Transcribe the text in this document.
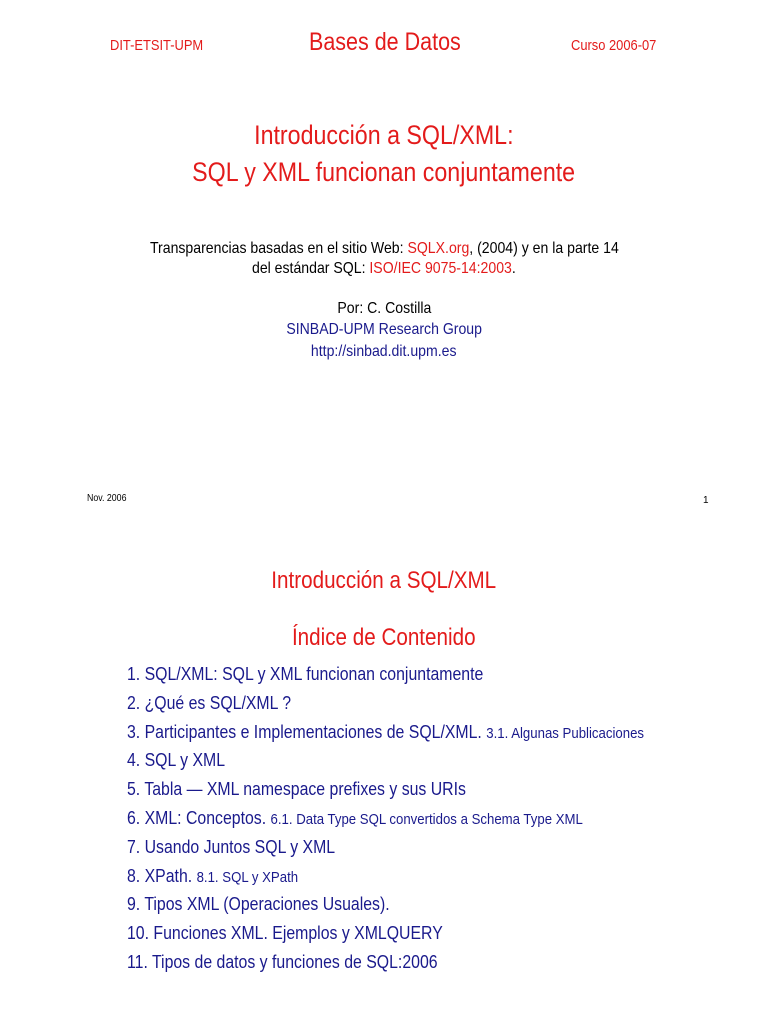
DIT-ETSIT-UPM	Bases de Datos	Curso 2006-07
Introducción a SQL/XML:
SQL y XML funcionan conjuntamente
Transparencias basadas en el sitio Web: SQLX.org, (2004) y en la parte 14
del estándar SQL: ISO/IEC 9075-14:2003.
Por: C. Costilla
SINBAD-UPM Research Group
http://sinbad.dit.upm.es
Nov. 2006	1
Introducción a SQL/XML
Índice de Contenido
1. SQL/XML: SQL y XML funcionan conjuntamente
2. ¿Qué es SQL/XML ?
3. Participantes e Implementaciones de SQL/XML. 3.1. Algunas Publicaciones
4. SQL y XML
5. Tabla — XML namespace prefixes y sus URIs
6. XML: Conceptos. 6.1. Data Type SQL convertidos a Schema Type XML
7. Usando Juntos SQL y XML
8. XPath. 8.1. SQL y XPath
9. Tipos XML (Operaciones Usuales).
10. Funciones XML. Ejemplos y XMLQUERY
11. Tipos de datos y funciones de SQL:2006
